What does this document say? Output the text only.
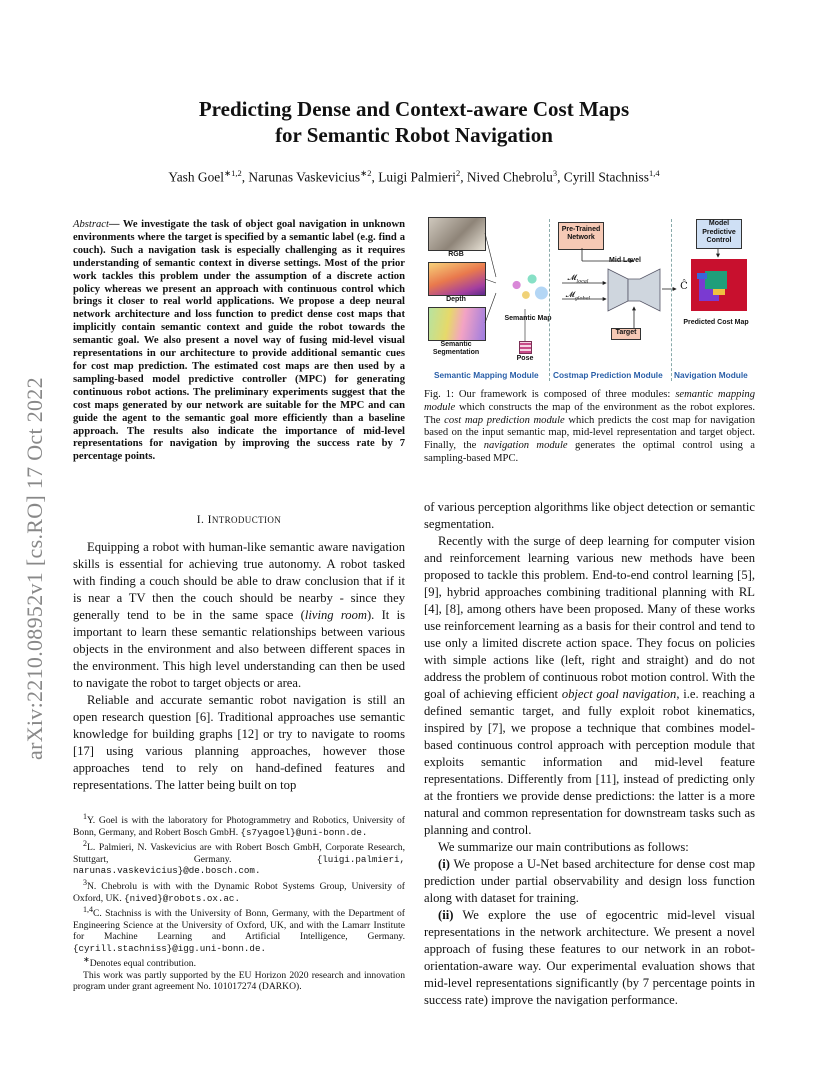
Predicting Dense and Context-aware Cost Maps
for Semantic Robot Navigation
Yash Goel$^{∗1,2}$, Narunas Vaskevicius$^{∗2}$, Luigi Palmieri$^2$, Nived Chebrolu$^3$, Cyrill Stachniss$^{1,4}$
arXiv:2210.08952v1 [cs.RO] 17 Oct 2022
Abstract— We investigate the task of object goal navigation in unknown environments where the target is specified by a semantic label (e.g. find a couch). Such a navigation task is especially challenging as it requires understanding of semantic context in diverse settings. Most of the prior work tackles this problem under the assumption of a discrete action policy whereas we present an approach with continuous control which brings it closer to real world applications. We propose a deep neural network architecture and loss function to predict dense cost maps that implicitly contain semantic context and guide the robot towards the semantic goal. We also present a novel way of fusing mid-level visual representations in our architecture to provide additional semantic cues for cost map prediction. The estimated cost maps are then used by a sampling-based model predictive controller (MPC) for generating continuous robot actions. The preliminary experiments suggest that the cost maps generated by our network are suitable for the MPC and can guide the agent to the semantic goal more efficiently than a baseline approach. The results also indicate the importance of mid-level representations for navigation by improving the success rate by 7 percentage points.
I. INTRODUCTION

Equipping a robot with human-like semantic aware navigation skills is essential for achieving true autonomy. A robot tasked with finding a couch should be able to draw conclusion that if it is near a TV then the couch should be nearby - since they generally tend to be in the same space (living room). It is important to learn these semantic relationships between various objects in the environment and also between different spaces in the environment. This high level understanding can then be used to navigate the robot to target objects or area.

Reliable and accurate semantic robot navigation is still an open research question [6]. Traditional approaches use semantic knowledge for building graphs [12] or try to navigate to rooms [17] using various planning approaches, however those approaches tend to rely on hand-defined features and representations. The latter being built on top

$^1$Y. Goel is with the laboratory for Photogrammetry and Robotics, University of Bonn, Germany, and Robert Bosch GmbH. {s7yagoel}@uni-bonn.de.

$^2$L. Palmieri, N. Vaskevicius are with Robert Bosch GmbH, Corporate Research, Stuttgart, Germany.	{luigi.palmieri, narunas.vaskevicius}@de.bosch.com.

$^3$N. Chebrolu is with with the Dynamic Robot Systems Group, University of Oxford, UK. {nived}@robots.ox.ac.

$^{1,4}$C. Stachniss is with the University of Bonn, Germany, with the Department of Engineering Science at the University of Oxford, UK, and with the Lamarr Institute for Machine Learning and Artificial Intelligence, Germany. {cyrill.stachniss}@igg.uni-bonn.de.

∗Denotes equal contribution.

This work was partly supported by the EU Horizon 2020 research and innovation program under grant agreement No. 101017274 (DARKO).

RGB
Depth
Semantic Segmentation
Semantic Map
Pose
Pre-Trained Network
Mid Level
𝓜$_{local}$
𝓜$_{global}$
Target
Ĉ
Model Predictive Control
Predicted Cost Map
Semantic Mapping Module Costmap Prediction Module Navigation Module
Fig. 1: Our framework is composed of three modules: semantic mapping module which constructs the map of the environment as the robot explores. The cost map prediction module which predicts the cost map for navigation based on the input semantic map, mid-level representation and target object. Finally, the navigation module generates the optimal control using a sampling-based MPC.

of various perception algorithms like object detection or semantic segmentation.

Recently with the surge of deep learning for computer vision and reinforcement learning various new methods have been proposed to tackle this problem. End-to-end control learning [5], [9], hybrid approaches combining traditional planning with RL [4], [8], among others have been proposed. Many of these works use reinforcement learning as a basis for their control and tend to use only a limited discrete action space. They focus on policies with simple actions like (left, right and straight) and do not address the problem of continuous robot motion control. With the goal of achieving efficient object goal navigation, i.e. reaching a defined semantic target, and fully exploit robot kinematics, inspired by [7], we propose a technique that combines model-based continuous control approach with perception module that exploits semantic information and mid-level feature representations. Differently from [11], instead of predicting only at the frontiers we provide dense predictions: the latter is a more natural and common representation for downstream tasks such as planning and control.

We summarize our main contributions as follows:

(i) We propose a U-Net based architecture for dense cost map prediction under partial observability and design loss function along with dataset for training.

(ii) We explore the use of egocentric mid-level visual representations in the network architecture. We present a novel approach of fusing these features to our network in an robot-orientation-aware way. Our experimental evaluation shows that mid-level representations significantly (by 7 percentage points in success rate) improve the navigation performance.
